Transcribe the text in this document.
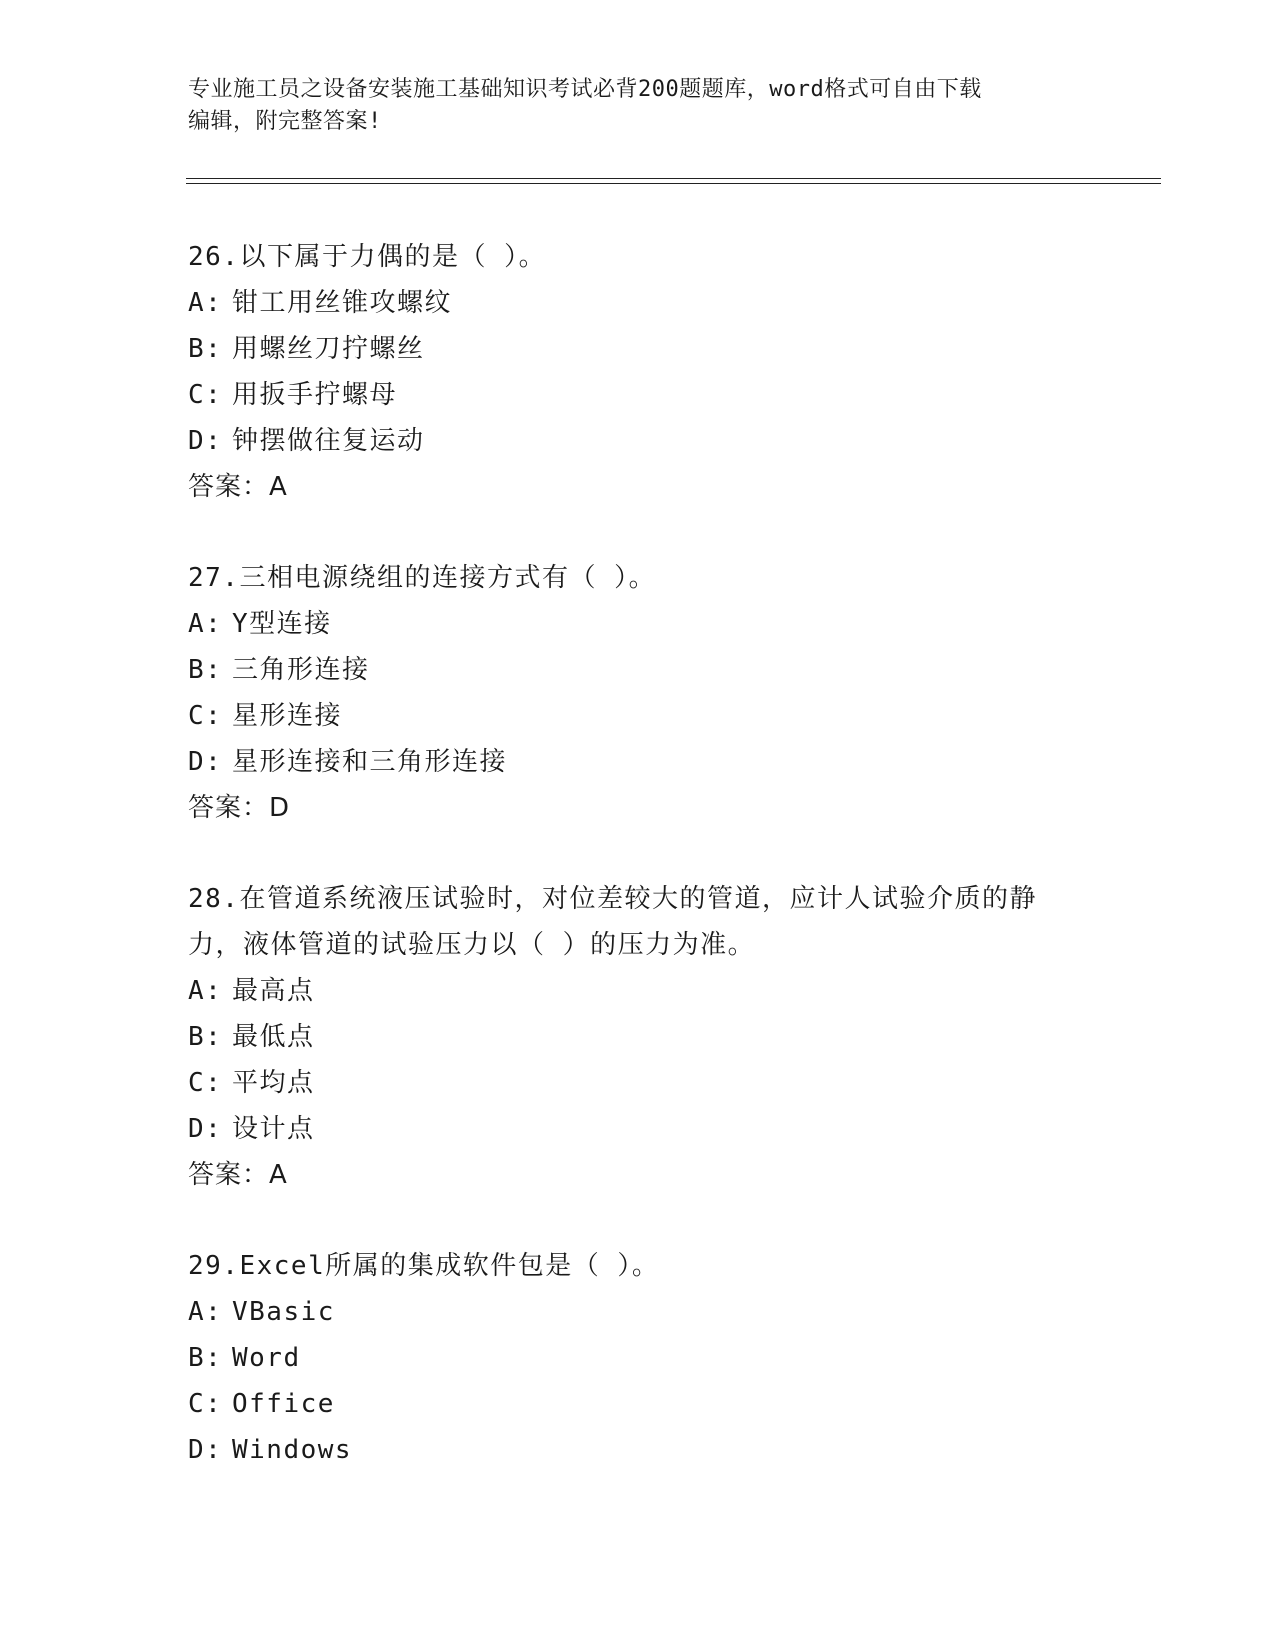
专业施工员之设备安装施工基础知识考试必背200题题库，word格式可自由下载
编辑，附完整答案!
26.以下属于力偶的是（ ）。
A: 钳工用丝锥攻螺纹
B: 用螺丝刀拧螺丝
C: 用扳手拧螺母
D: 钟摆做往复运动
答案：A
27.三相电源绕组的连接方式有（ ）。
A: Y型连接
B: 三角形连接
C: 星形连接
D: 星形连接和三角形连接
答案：D
28.在管道系统液压试验时，对位差较大的管道，应计人试验介质的静
力，液体管道的试验压力以（ ）的压力为准。
A: 最高点
B: 最低点
C: 平均点
D: 设计点
答案：A
29.Excel所属的集成软件包是（ ）。
A: VBasic
B: Word
C: Office
D: Windows
